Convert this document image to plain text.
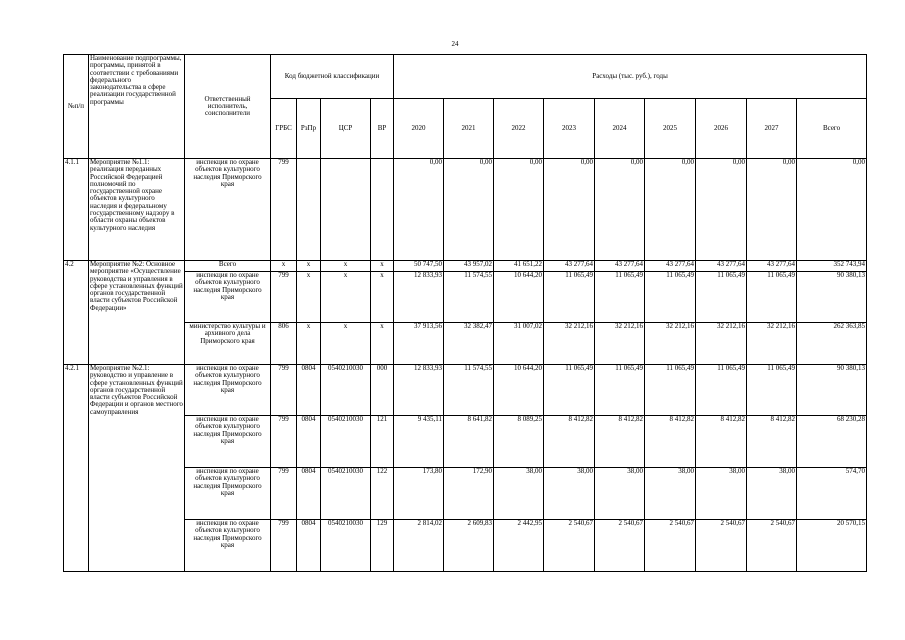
24
№п/п	Наименование подпрограммы, программы, принятой в соответствии с требованиями федерального законодательства в сфере реализации государственной программы	Ответственный исполнитель, соисполнители	Код бюджетной классификации				Расходы (тыс. руб.), годы								
			ГРБС	РзПр	ЦСР	ВР	2020	2021	2022	2023	2024	2025	2026	2027	Всего
4.1.1	Мероприятие №1.1: реализация переданных Российской Федерацией полномочий по государственной охране объектов культурного наследия и федеральному государственному надзору в области охраны объектов культурного наследия	инспекция по охране объектов культурного наследия Приморского края	799				0,00	0,00	0,00	0,00	0,00	0,00	0,00	0,00	0,00
4.2	Мероприятие №2: Основное мероприятие «Осуществление руководства и управления в сфере установленных функций органов государственной власти субъектов Российской Федерации»	Всего	x	x	x	x	50 747,50	43 957,02	41 651,22	43 277,64	43 277,64	43 277,64	43 277,64	43 277,64	352 743,94
		инспекция по охране объектов культурного наследия Приморского края	799	x	x	x	12 833,93	11 574,55	10 644,20	11 065,49	11 065,49	11 065,49	11 065,49	11 065,49	90 380,13
		министерство культуры и архивного дела Приморского края	806	x	x	x	37 913,56	32 382,47	31 007,02	32 212,16	32 212,16	32 212,16	32 212,16	32 212,16	262 363,85
4.2.1	Мероприятие №2.1: руководство и управление в сфере установленных функций органов государственной власти субъектов Российской Федерации и органов местного самоуправления	инспекция по охране объектов культурного наследия Приморского края	799	0804	0540210030	000	12 833,93	11 574,55	10 644,20	11 065,49	11 065,49	11 065,49	11 065,49	11 065,49	90 380,13
		инспекция по охране объектов культурного наследия Приморского края	799	0804	0540210030	121	9 435,11	8 641,82	8 089,25	8 412,82	8 412,82	8 412,82	8 412,82	8 412,82	68 230,28
		инспекция по охране объектов культурного наследия Приморского края	799	0804	0540210030	122	173,80	172,90	38,00	38,00	38,00	38,00	38,00	38,00	574,70
		инспекция по охране объектов культурного наследия Приморского края	799	0804	0540210030	129	2 814,02	2 609,83	2 442,95	2 540,67	2 540,67	2 540,67	2 540,67	2 540,67	20 570,15
